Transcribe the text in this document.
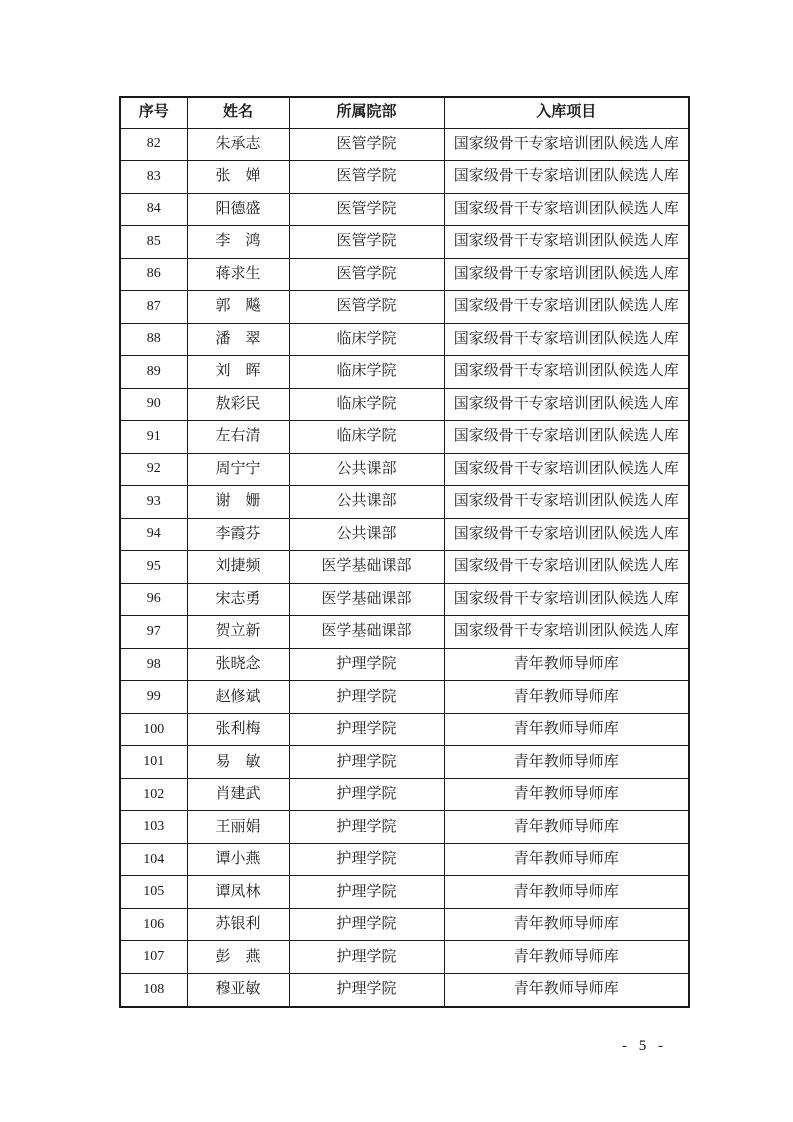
序号	姓名	所属院部	入库项目
82	朱承志	医管学院	国家级骨干专家培训团队候选人库
83	张　婵	医管学院	国家级骨干专家培训团队候选人库
84	阳德盛	医管学院	国家级骨干专家培训团队候选人库
85	李　鸿	医管学院	国家级骨干专家培训团队候选人库
86	蒋求生	医管学院	国家级骨干专家培训团队候选人库
87	郭　飚	医管学院	国家级骨干专家培训团队候选人库
88	潘　翠	临床学院	国家级骨干专家培训团队候选人库
89	刘　晖	临床学院	国家级骨干专家培训团队候选人库
90	敖彩民	临床学院	国家级骨干专家培训团队候选人库
91	左右清	临床学院	国家级骨干专家培训团队候选人库
92	周宁宁	公共课部	国家级骨干专家培训团队候选人库
93	谢　姗	公共课部	国家级骨干专家培训团队候选人库
94	李霞芬	公共课部	国家级骨干专家培训团队候选人库
95	刘捷频	医学基础课部	国家级骨干专家培训团队候选人库
96	宋志勇	医学基础课部	国家级骨干专家培训团队候选人库
97	贺立新	医学基础课部	国家级骨干专家培训团队候选人库
98	张晓念	护理学院	青年教师导师库
99	赵修斌	护理学院	青年教师导师库
100	张利梅	护理学院	青年教师导师库
101	易　敏	护理学院	青年教师导师库
102	肖建武	护理学院	青年教师导师库
103	王丽娟	护理学院	青年教师导师库
104	谭小燕	护理学院	青年教师导师库
105	谭凤林	护理学院	青年教师导师库
106	苏银利	护理学院	青年教师导师库
107	彭　燕	护理学院	青年教师导师库
108	穆亚敏	护理学院	青年教师导师库
- 5 -
